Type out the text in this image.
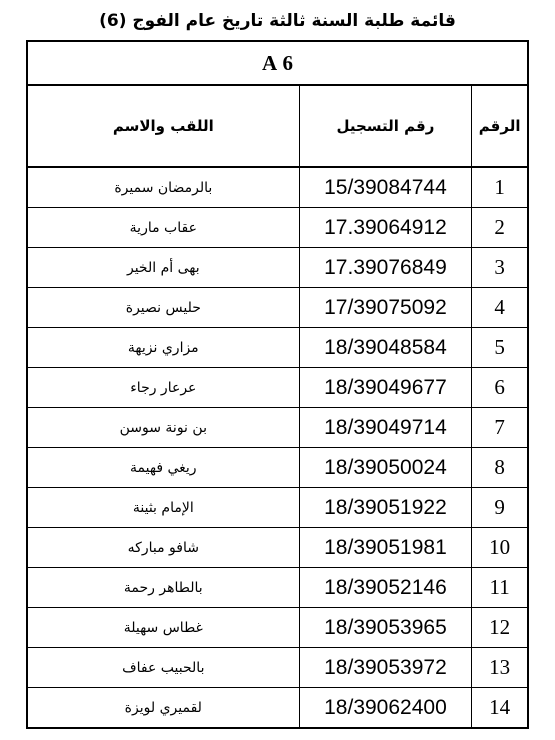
قائمة طلبة السنة ثالثة تاريخ عام الفوج (6)
6 A		
الرقم	رقم التسجيل	اللقب والاسم
1	15/39084744	بالرمضان سميرة
2	17.39064912	عقاب مارية
3	17.39076849	بهى أم الخير
4	17/39075092	حليس نصيرة
5	18/39048584	مزاري نزيهة
6	18/39049677	عرعار رجاء
7	18/39049714	بن نونة سوسن
8	18/39050024	ريغي فهيمة
9	18/39051922	الإمام بثينة
10	18/39051981	شافو مباركه
11	18/39052146	بالطاهر رحمة
12	18/39053965	غطاس سهيلة
13	18/39053972	بالحبيب عفاف
14	18/39062400	لقميري لويزة
